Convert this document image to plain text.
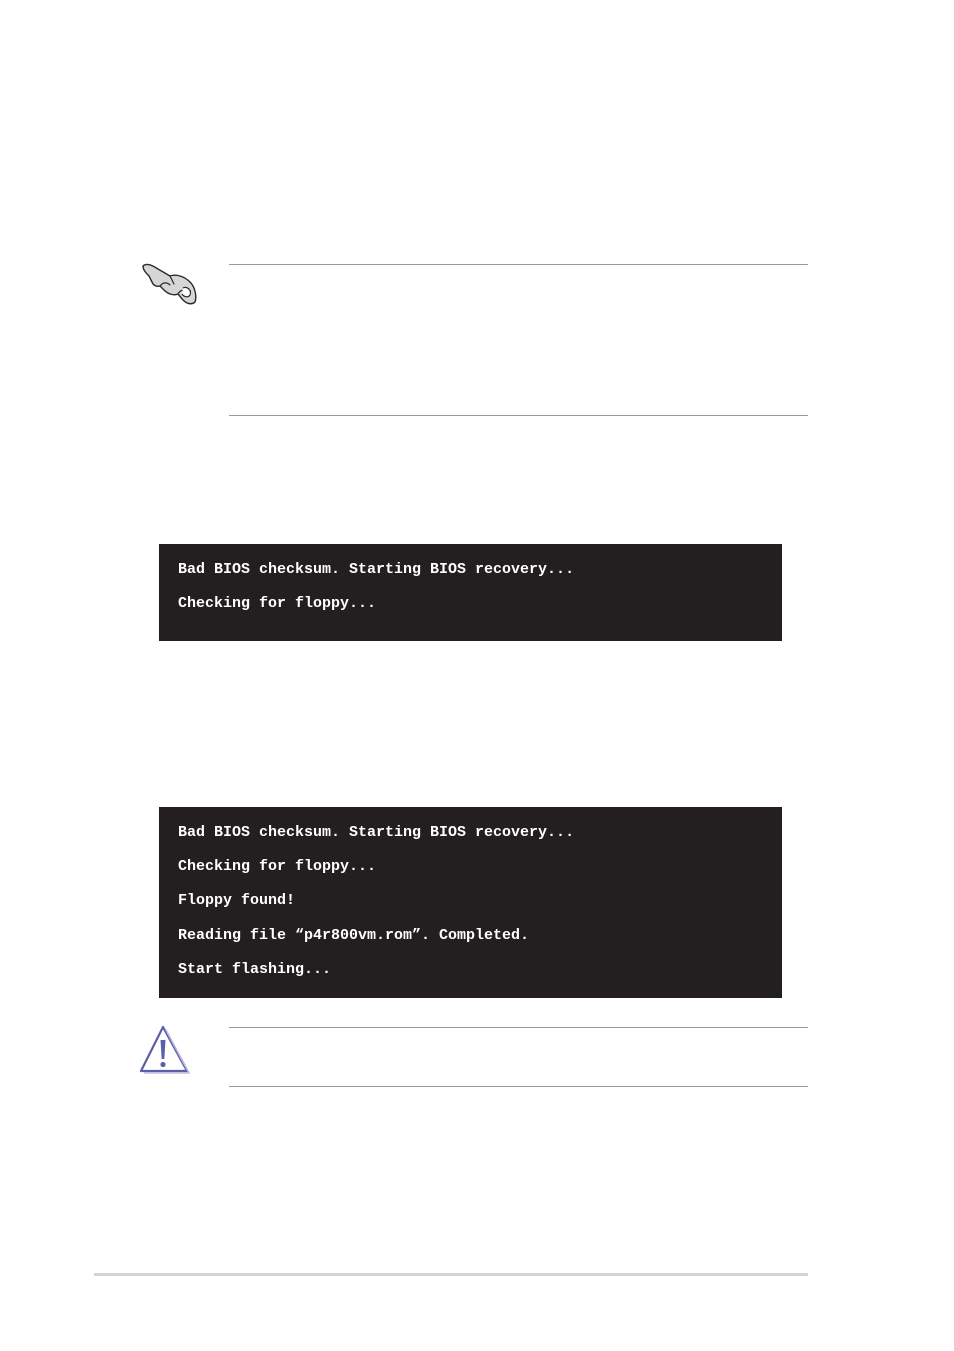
Bad BIOS checksum. Starting BIOS recovery...
Checking for floppy...
Bad BIOS checksum. Starting BIOS recovery...
Checking for floppy...
Floppy found!
Reading file “p4r800vm.rom”. Completed.
Start flashing...
